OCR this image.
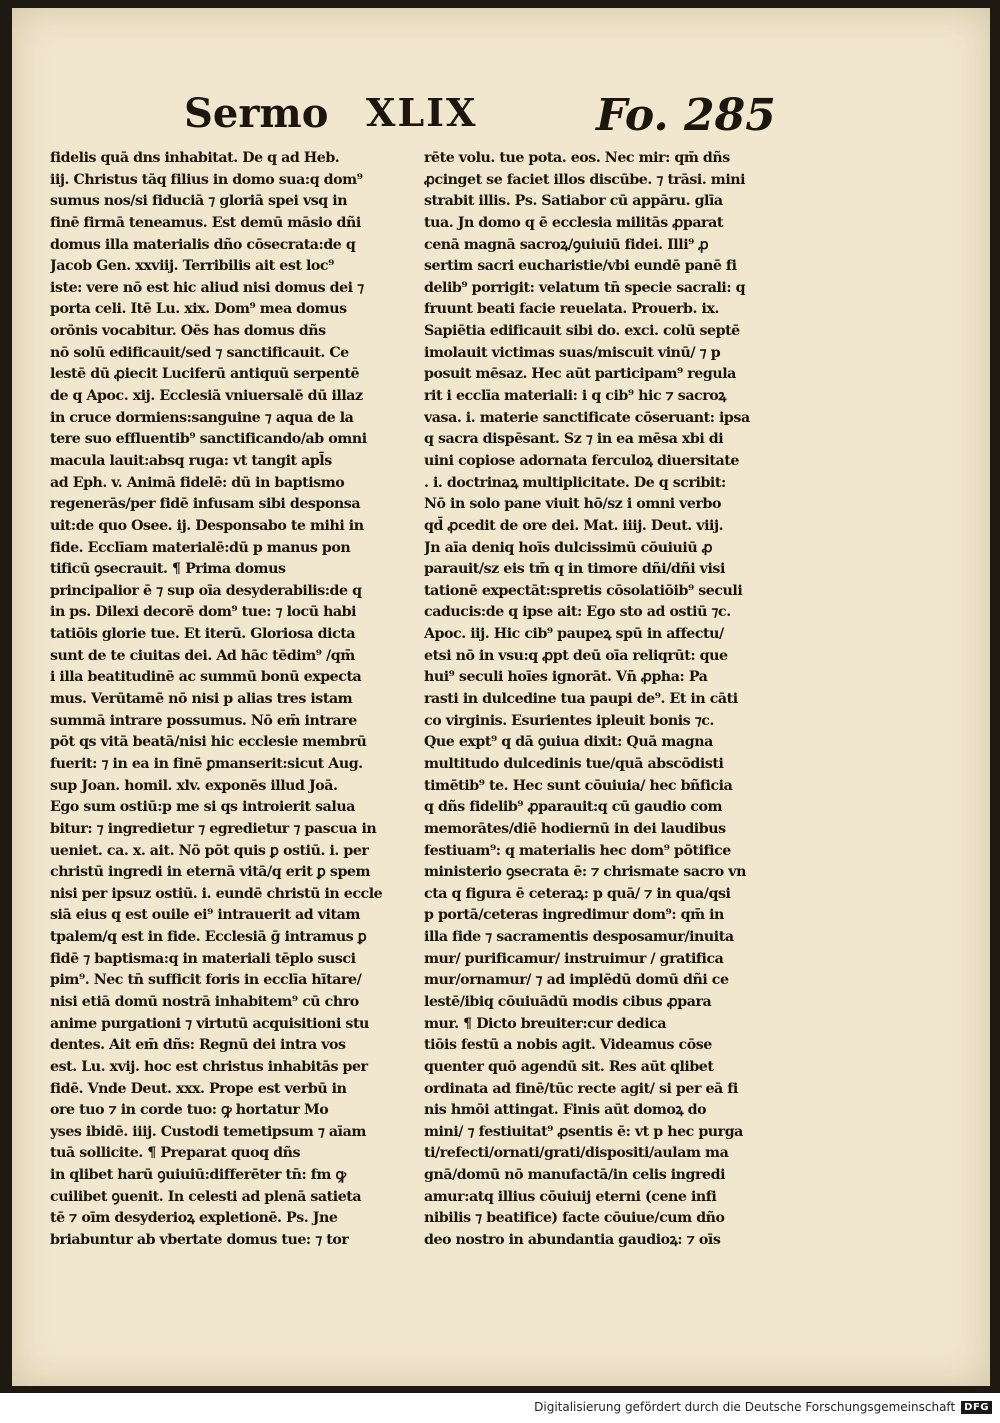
Sermo XLIX	Fo. 285
fidelis quā dns inhabitat. De q ad Heb.
iij. Christus tāq filius in domo sua:q dom⁹
sumus nos/si fiduciā ⁊ gloriā spei vsq in
finē firmā teneamus. Est demū māsio dñi
domus illa materialis dño cōsecrata:de q
Jacob Gen. xxviij. Terribilis ait est loc⁹
iste: vere nō est hic aliud nisi domus dei ⁊
porta celi. Itē Lu. xix. Dom⁹ mea domus
orōnis vocabitur. Oēs has domus dñs
nō solū edificauit/sed ⁊ sanctificauit. Ce
lestē dū ꝓiecit Luciferū antiquū serpentē
de q Apoc. xij. Ecclesiā vniuersalē dū illaz
in cruce dormiens:sanguine ⁊ aqua de la
tere suo effluentib⁹ sanctificando/ab omni
macula lauit:absq ruga: vt tangit apl̄s
ad Eph. v. Animā fidelē: dū in baptismo
regenerās/per fidē infusam sibi desponsa
uit:de quo Osee. ij. Desponsabo te mihi in
fide. Ecclīam materialē:dū p manus pon
tificū ꝯsecrauit. ¶ Prima domus
principalior ē ⁊ sup oīa desyderabilis:de q
in ps. Dilexi decorē dom⁹ tue: ⁊ locū habi
tatiōis glorie tue. Et iterū. Gloriosa dicta
sunt de te ciuitas dei. Ad hāc tēdim⁹ /qm̄
i illa beatitudinē ac summū bonū expecta
mus. Verūtamē nō nisi p alias tres istam
summā intrare possumus. Nō em̄ intrare
pōt qs vitā beatā/nisi hic ecclesie membrū
fuerit: ⁊ in ea in finē ꝑmanserit:sicut Aug.
sup Joan. homil. xlv. exponēs illud Joā.
Ego sum ostiū:p me si qs introierit salua
bitur: ⁊ ingredietur ⁊ egredietur ⁊ pascua in
ueniet. ca. x. ait. Nō pōt quis ꝑ ostiū. i. per
christū ingredi in eternā vitā/q erit ꝑ spem
nisi per ipsuz ostiū. i. eundē christū in eccle
siā eius q est ouile ei⁹ intrauerit ad vitam
tpalem/q est in fide. Ecclesiā ḡ intramus ꝑ
fidē ⁊ baptisma:q in materiali tēplo susci
pim⁹. Nec tn̄ sufficit foris in ecclīa hītare/
nisi etiā domū nostrā inhabitem⁹ cū chro
anime purgationi ⁊ virtutū acquisitioni stu
dentes. Ait em̄ dñs: Regnū dei intra vos
est. Lu. xvij. hoc est christus inhabitās per
fidē. Vnde Deut. xxx. Prope est verbū in
ore tuo ⁊ in corde tuo: ꝙ hortatur Mo
yses ibidē. iiij. Custodi temetipsum ⁊ aīam
tuā sollicite. ¶ Preparat quoq dñs
in qlibet harū ꝯuiuiū:differēter tn̄: fm ꝙ
cuilibet ꝯuenit. In celesti ad plenā satieta
tē ⁊ oīm desyderioꝝ expletionē. Ps. Jne
briabuntur ab vbertate domus tue: ⁊ tor
rēte volu. tue pota. eos. Nec mir: qm̄ dñs
ꝓcinget se faciet illos discūbe. ⁊ trāsi. mini
strabit illis. Ps. Satiabor cū appāru. glīa
tua. Jn domo q ē ecclesia militās ꝓparat
cenā magnā sacroꝝ/ꝯuiuiū fidei. Illi⁹ ꝓ
sertim sacri eucharistie/vbi eundē panē fi
delib⁹ porrigit: velatum tn̄ specie sacrali: q
fruunt beati facie reuelata. Prouerb. ix.
Sapiētia edificauit sibi do. exci. colū septē
imolauit victimas suas/miscuit vinū/ ⁊ p
posuit mēsaz. Hec aūt participam⁹ regula
rit i ecclīa materiali: i q cib⁹ hic ⁊ sacroꝝ
vasa. i. materie sanctificate cōseruant: ipsa
q sacra dispēsant. Sz ⁊ in ea mēsa xbi di
uini copiose adornata ferculoꝝ diuersitate
. i. doctrinaꝝ multiplicitate. De q scribit:
Nō in solo pane viuit hō/sz i omni verbo
qd̄ ꝓcedit de ore dei. Mat. iiij. Deut. viij.
Jn aīa deniq hoīs dulcissimū cōuiuiū ꝓ
parauit/sz eis tm̄ q in timore dñi/dñi visi
tationē expectāt:spretis cōsolatiōib⁹ seculi
caducis:de q ipse ait: Ego sto ad ostiū ⁊c.
Apoc. iij. Hic cib⁹ paupeꝝ spū in affectu/
etsi nō in vsu:q ꝓpt deū oīa reliqrūt: que
hui⁹ seculi hoīes ignorāt. Vn̄ ꝓpha: Pa
rasti in dulcedine tua paupi de⁹. Et in cāti
co virginis. Esurientes ipleuit bonis ⁊c.
Que expt⁹ q dā ꝯuiua dixit: Quā magna
multitudo dulcedinis tue/quā abscōdisti
timētib⁹ te. Hec sunt cōuiuia/ hec bñficia
q dñs fidelib⁹ ꝓparauit:q cū gaudio com
memorātes/diē hodiernū in dei laudibus
festiuam⁹: q materialis hec dom⁹ pōtifice
ministerio ꝯsecrata ē: ⁊ chrismate sacro vn
cta q figura ē ceteraꝝ: p quā/ ⁊ in qua/qsi
p portā/ceteras ingredimur dom⁹: qm̄ in
illa fide ⁊ sacramentis desposamur/inuita
mur/ purificamur/ instruimur / gratifica
mur/ornamur/ ⁊ ad implēdū domū dñi ce
lestē/ibiq cōuiuādū modis cibus ꝓpara
mur. ¶ Dicto breuiter:cur dedica
tiōis festū a nobis agit. Videamus cōse
quenter quō agendū sit. Res aūt qlibet
ordinata ad finē/tūc recte agit/ si per eā fi
nis hmōi attingat. Finis aūt domoꝝ do
mini/ ⁊ festiuitat⁹ ꝓsentis ē: vt p hec purga
ti/refecti/ornati/grati/dispositi/aulam ma
gnā/domū nō manufactā/in celis ingredi
amur:atq illius cōuiuij eterni (cene infi
nibilis ⁊ beatifice) facte cōuiue/cum dño
deo nostro in abundantia gaudioꝝ: ⁊ oīs
Digitalisierung gefördert durch die Deutsche Forschungsgemeinschaft DFG
